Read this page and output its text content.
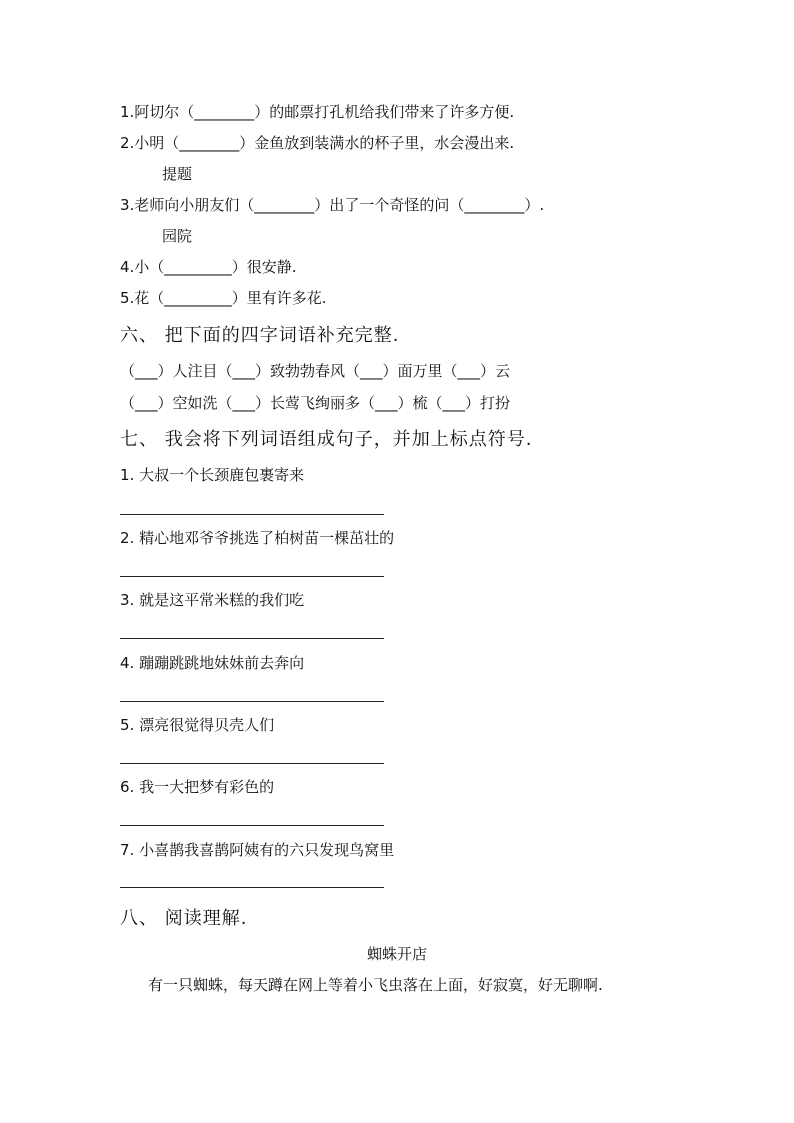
1.阿切尔（________）的邮票打孔机给我们带来了许多方便.
2.小明（________）金鱼放到装满水的杯子里，水会漫出来.
提题
3.老师向小朋友们（________）出了一个奇怪的问（________）.
园院
4.小（_________）很安静.
5.花（_________）里有许多花.
六、 把下面的四字词语补充完整.
（___）人注目（___）致勃勃春风（___）面万里（___）云
（___）空如洗（___）长莺飞绚丽多（___）梳（___）打扮
七、 我会将下列词语组成句子，并加上标点符号.
1. 大叔一个长颈鹿包裹寄来
2. 精心地邓爷爷挑选了柏树苗一棵茁壮的
3. 就是这平常米糕的我们吃
4. 蹦蹦跳跳地妹妹前去奔向
5. 漂亮很觉得贝壳人们
6. 我一大把梦有彩色的
7. 小喜鹊我喜鹊阿姨有的六只发现鸟窝里
八、 阅读理解.
蜘蛛开店
有一只蜘蛛，每天蹲在网上等着小飞虫落在上面，好寂寞，好无聊啊.
